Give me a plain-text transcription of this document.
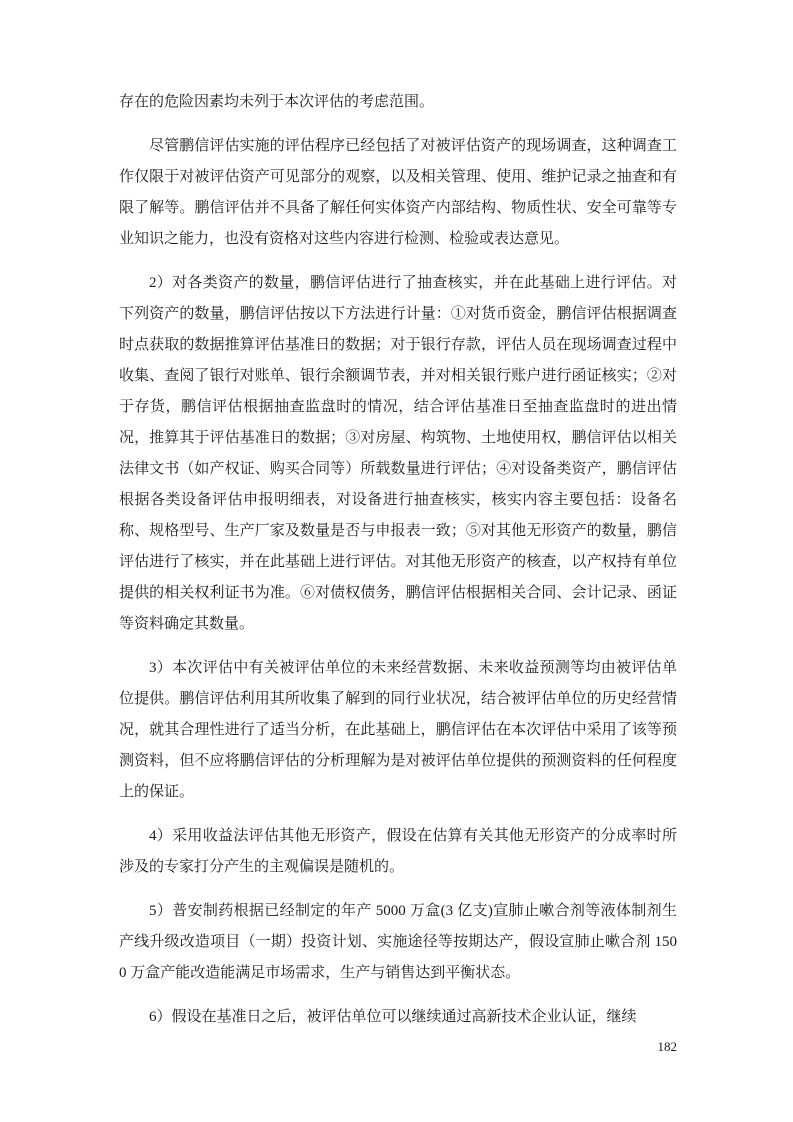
存在的危险因素均未列于本次评估的考虑范围。

尽管鹏信评估实施的评估程序已经包括了对被评估资产的现场调查，这种调查工作仅限于对被评估资产可见部分的观察，以及相关管理、使用、维护记录之抽查和有限了解等。鹏信评估并不具备了解任何实体资产内部结构、物质性状、安全可靠等专业知识之能力，也没有资格对这些内容进行检测、检验或表达意见。

2）对各类资产的数量，鹏信评估进行了抽查核实，并在此基础上进行评估。对下列资产的数量，鹏信评估按以下方法进行计量：①对货币资金，鹏信评估根据调查时点获取的数据推算评估基准日的数据；对于银行存款，评估人员在现场调查过程中收集、查阅了银行对账单、银行余额调节表，并对相关银行账户进行函证核实；②对于存货，鹏信评估根据抽查监盘时的情况，结合评估基准日至抽查监盘时的进出情况，推算其于评估基准日的数据；③对房屋、构筑物、土地使用权，鹏信评估以相关法律文书（如产权证、购买合同等）所载数量进行评估；④对设备类资产，鹏信评估根据各类设备评估申报明细表，对设备进行抽查核实，核实内容主要包括：设备名称、规格型号、生产厂家及数量是否与申报表一致；⑤对其他无形资产的数量，鹏信评估进行了核实，并在此基础上进行评估。对其他无形资产的核查，以产权持有单位提供的相关权利证书为准。⑥对债权债务，鹏信评估根据相关合同、会计记录、函证等资料确定其数量。

3）本次评估中有关被评估单位的未来经营数据、未来收益预测等均由被评估单位提供。鹏信评估利用其所收集了解到的同行业状况，结合被评估单位的历史经营情况，就其合理性进行了适当分析，在此基础上，鹏信评估在本次评估中采用了该等预测资料，但不应将鹏信评估的分析理解为是对被评估单位提供的预测资料的任何程度上的保证。

4）采用收益法评估其他无形资产，假设在估算有关其他无形资产的分成率时所涉及的专家打分产生的主观偏误是随机的。

5）普安制药根据已经制定的年产 5000 万盒(3 亿支)宣肺止嗽合剂等液体制剂生产线升级改造项目（一期）投资计划、实施途径等按期达产，假设宣肺止嗽合剂 1500 万盒产能改造能满足市场需求，生产与销售达到平衡状态。

6）假设在基准日之后，被评估单位可以继续通过高新技术企业认证，继续

182
